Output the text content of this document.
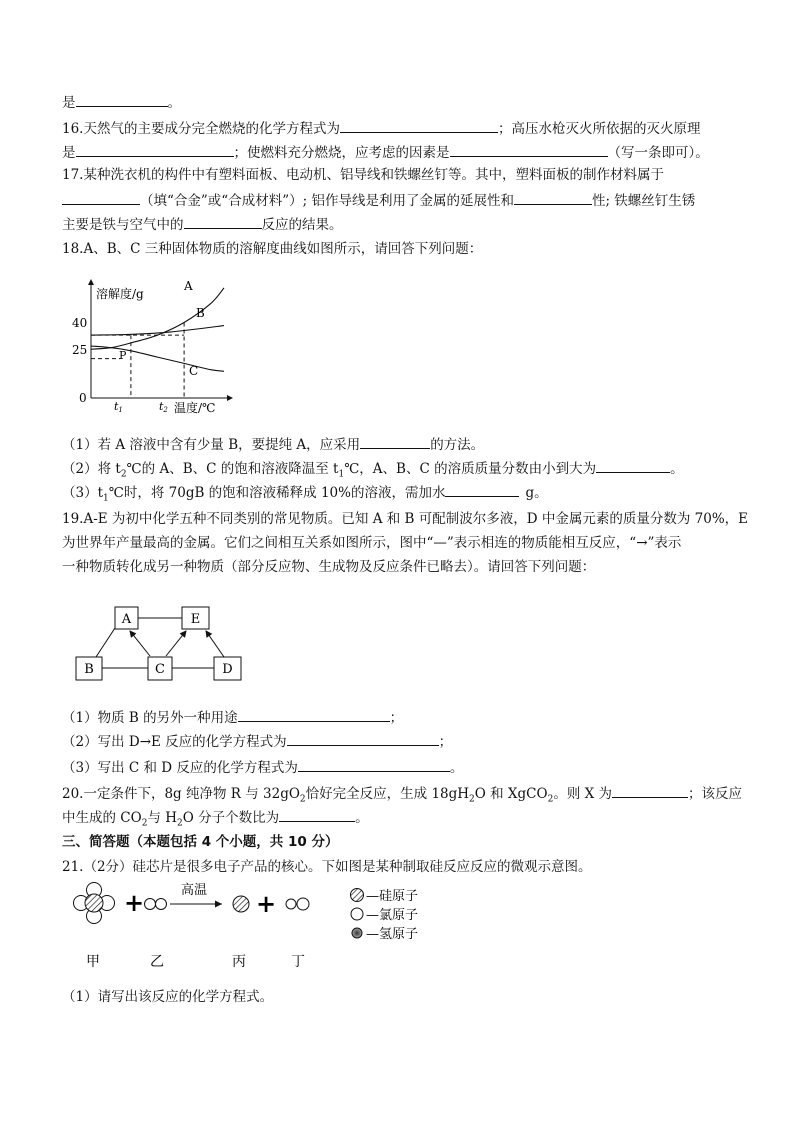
是	。
16.天然气的主要成分完全燃烧的化学方程式为	；高压水枪灭火所依据的灭火原理
是	；使燃料充分燃烧，应考虑的因素是	（写一条即可）。
17.某种洗衣机的构件中有塑料面板、电动机、铝导线和铁螺丝钉等。其中，塑料面板的制作材料属于
（填“合金”或“合成材料”）; 铝作导线是利用了金属的延展性和	性; 铁螺丝钉生锈
主要是铁与空气中的	反应的结果。
18.A、B、C 三种固体物质的溶解度曲线如图所示，请回答下列问题：
溶解度/g
温度/℃
0
25
40
t1	t2
P
A
B
C
（1）若 A 溶液中含有少量 B，要提纯 A，应采用	的方法。
（2）将 $t_2℃$的 A、B、C 的饱和溶液降温至 $t_1℃$，A、B、C 的溶质质量分数由小到大为	。
$(3)t_1℃$时，将 70gB 的饱和溶液稀释成 10%的溶液，需加水	g。
19.A-E 为初中化学五种不同类别的常见物质。已知 A 和 B 可配制波尔多液，D 中金属元素的质量分数为 70%，E
为世界年产量最高的金属。它们之间相互关系如图所示，图中“—”表示相连的物质能相互反应，“→”表示
一种物质转化成另一种物质（部分反应物、生成物及反应条件已略去）。请回答下列问题：
A	E
B	C	D
（1）物质 B 的另外一种用途	；
（2）写出 D→E 反应的化学方程式为	；
（3）写出 C 和 D 反应的化学方程式为	。
20.一定条件下，8g 纯净物 R 与 $32gO_2$恰好完全反应，生成 $18gH_2O$ 和 XgCO$_2$。则 X 为	；该反应
中生成的 $CO_2$与 $H_2O$ 分子个数比为	。
三、简答题（本题包括 4 个小题，共 10 分）
21.（2分）硅芯片是很多电子产品的核心。下如图是某种制取硅反应反应的微观示意图。
+	高温 +
甲	乙	丙	丁
—硅原子
—氯原子
—氢原子
（1）请写出该反应的化学方程式。
